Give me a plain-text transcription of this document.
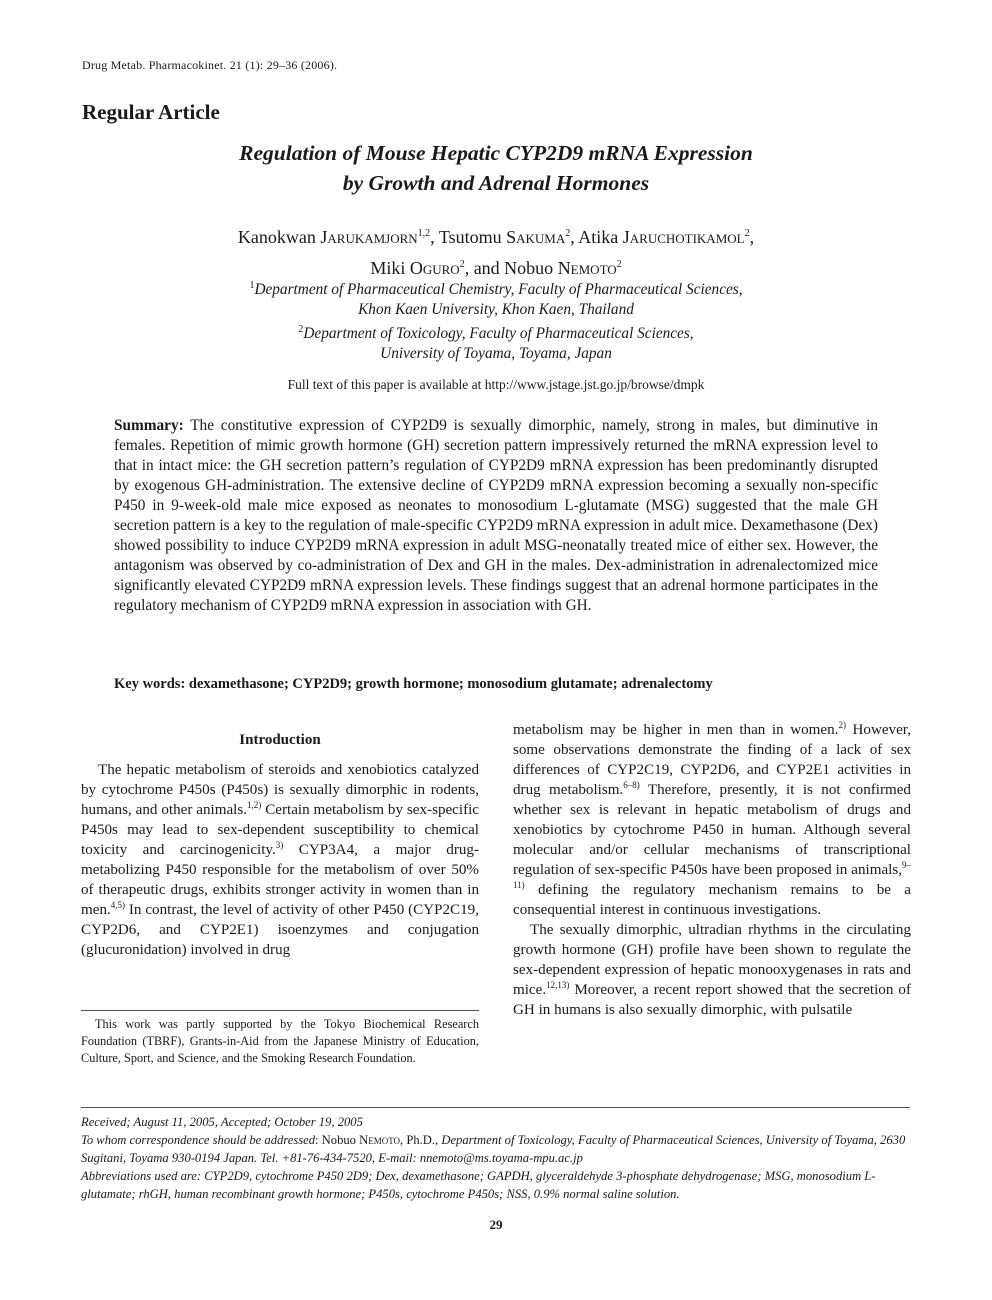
Drug Metab. Pharmacokinet. 21 (1): 29–36 (2006).
Regular Article
Regulation of Mouse Hepatic CYP2D9 mRNA Expression
by Growth and Adrenal Hormones
Kanokwan Jarukamjorn$^{1,2}$, Tsutomu Sakuma$^2$, Atika Jaruchotikamol$^2$,
Miki Oguro$^2$, and Nobuo Nemoto$^2$
$^1$Department of Pharmaceutical Chemistry, Faculty of Pharmaceutical Sciences,
Khon Kaen University, Khon Kaen, Thailand
$^2$Department of Toxicology, Faculty of Pharmaceutical Sciences,
University of Toyama, Toyama, Japan
Full text of this paper is available at http://www.jstage.jst.go.jp/browse/dmpk
Summary: The constitutive expression of CYP2D9 is sexually dimorphic, namely, strong in males, but diminutive in females. Repetition of mimic growth hormone (GH) secretion pattern impressively returned the mRNA expression level to that in intact mice: the GH secretion pattern’s regulation of CYP2D9 mRNA expression has been predominantly disrupted by exogenous GH-administration. The extensive decline of CYP2D9 mRNA expression becoming a sexually non-specific P450 in 9-week-old male mice exposed as neonates to monosodium L-glutamate (MSG) suggested that the male GH secretion pattern is a key to the regulation of male-specific CYP2D9 mRNA expression in adult mice. Dexamethasone (Dex) showed possibility to induce CYP2D9 mRNA expression in adult MSG-neonatally treated mice of either sex. However, the antagonism was observed by co-administration of Dex and GH in the males. Dex-administration in adrenalectomized mice significantly elevated CYP2D9 mRNA expression levels. These findings suggest that an adrenal hormone participates in the regulatory mechanism of CYP2D9 mRNA expression in association with GH.
Key words: dexamethasone; CYP2D9; growth hormone; monosodium glutamate; adrenalectomy
Introduction

The hepatic metabolism of steroids and xenobiotics catalyzed by cytochrome P450s (P450s) is sexually dimorphic in rodents, humans, and other animals.$^{1,2)}$ Certain metabolism by sex-specific P450s may lead to sex-dependent susceptibility to chemical toxicity and carcinogenicity.$^{3)}$ CYP3A4, a major drug-metabolizing P450 responsible for the metabolism of over 50% of therapeutic drugs, exhibits stronger activity in women than in men.$^{4,5)}$ In contrast, the level of activity of other P450 (CYP2C19, CYP2D6, and CYP2E1) isoenzymes and conjugation (glucuronidation) involved in drug

metabolism may be higher in men than in women.$^{2)}$ However, some observations demonstrate the finding of a lack of sex differences of CYP2C19, CYP2D6, and CYP2E1 activities in drug metabolism.$^{6-8)}$ Therefore, presently, it is not confirmed whether sex is relevant in hepatic metabolism of drugs and xenobiotics by cytochrome P450 in human. Although several molecular and/or cellular mechanisms of transcriptional regulation of sex-specific P450s have been proposed in animals,$^{9-11)}$ defining the regulatory mechanism remains to be a consequential interest in continuous investigations.

The sexually dimorphic, ultradian rhythms in the circulating growth hormone (GH) profile have been shown to regulate the sex-dependent expression of hepatic monooxygenases in rats and mice.$^{12,13)}$ Moreover, a recent report showed that the secretion of GH in humans is also sexually dimorphic, with pulsatile

This work was partly supported by the Tokyo Biochemical Research Foundation (TBRF), Grants-in-Aid from the Japanese Ministry of Education, Culture, Sport, and Science, and the Smoking Research Foundation.
Received; August 11, 2005, Accepted; October 19, 2005
To whom correspondence should be addressed: Nobuo Nemoto, Ph.D., Department of Toxicology, Faculty of Pharmaceutical Sciences, University of Toyama, 2630 Sugitani, Toyama 930-0194 Japan. Tel. +81-76-434-7520, E-mail: nnemoto@ms.toyama-mpu.ac.jp
Abbreviations used are: CYP2D9, cytochrome P450 2D9; Dex, dexamethasone; GAPDH, glyceraldehyde 3-phosphate dehydrogenase; MSG, monosodium L-glutamate; rhGH, human recombinant growth hormone; P450s, cytochrome P450s; NSS, 0.9% normal saline solution.
29
